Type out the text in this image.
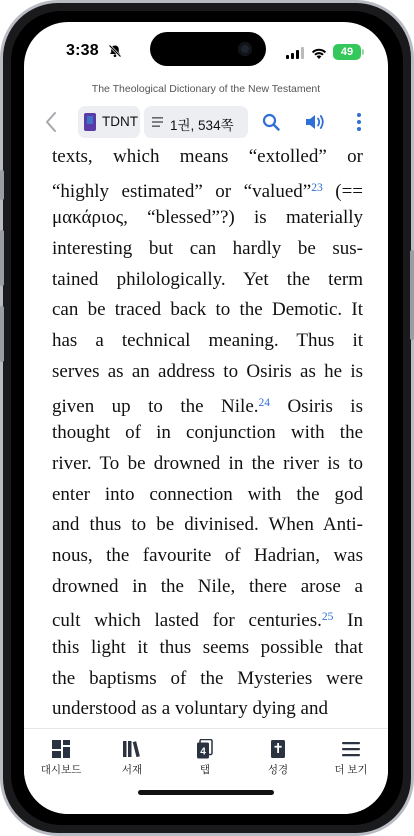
3:38	49
The Theological Dictionary of the New Testament
TDNT 1권, 534쪽
texts, which means “extolled” or
“highly estimated” or “valued”$^{23}$ (==
μακάριος, “blessed”?) is materially
interesting but can hardly be sus-
tained philologically. Yet the term
can be traced back to the Demotic. It
has a technical meaning. Thus it
serves as an address to Osiris as he is
given up to the Nile.$^{24}$ Osiris is
thought of in conjunction with the
river. To be drowned in the river is to
enter into connection with the god
and thus to be divinised. When Anti-
nous, the favourite of Hadrian, was
drowned in the Nile, there arose a
cult which lasted for centuries.$^{25}$ In
this light it thus seems possible that
the baptisms of the Mysteries were
understood as a voluntary dying and
대시보드	서재
4
탭	성경	더 보기
